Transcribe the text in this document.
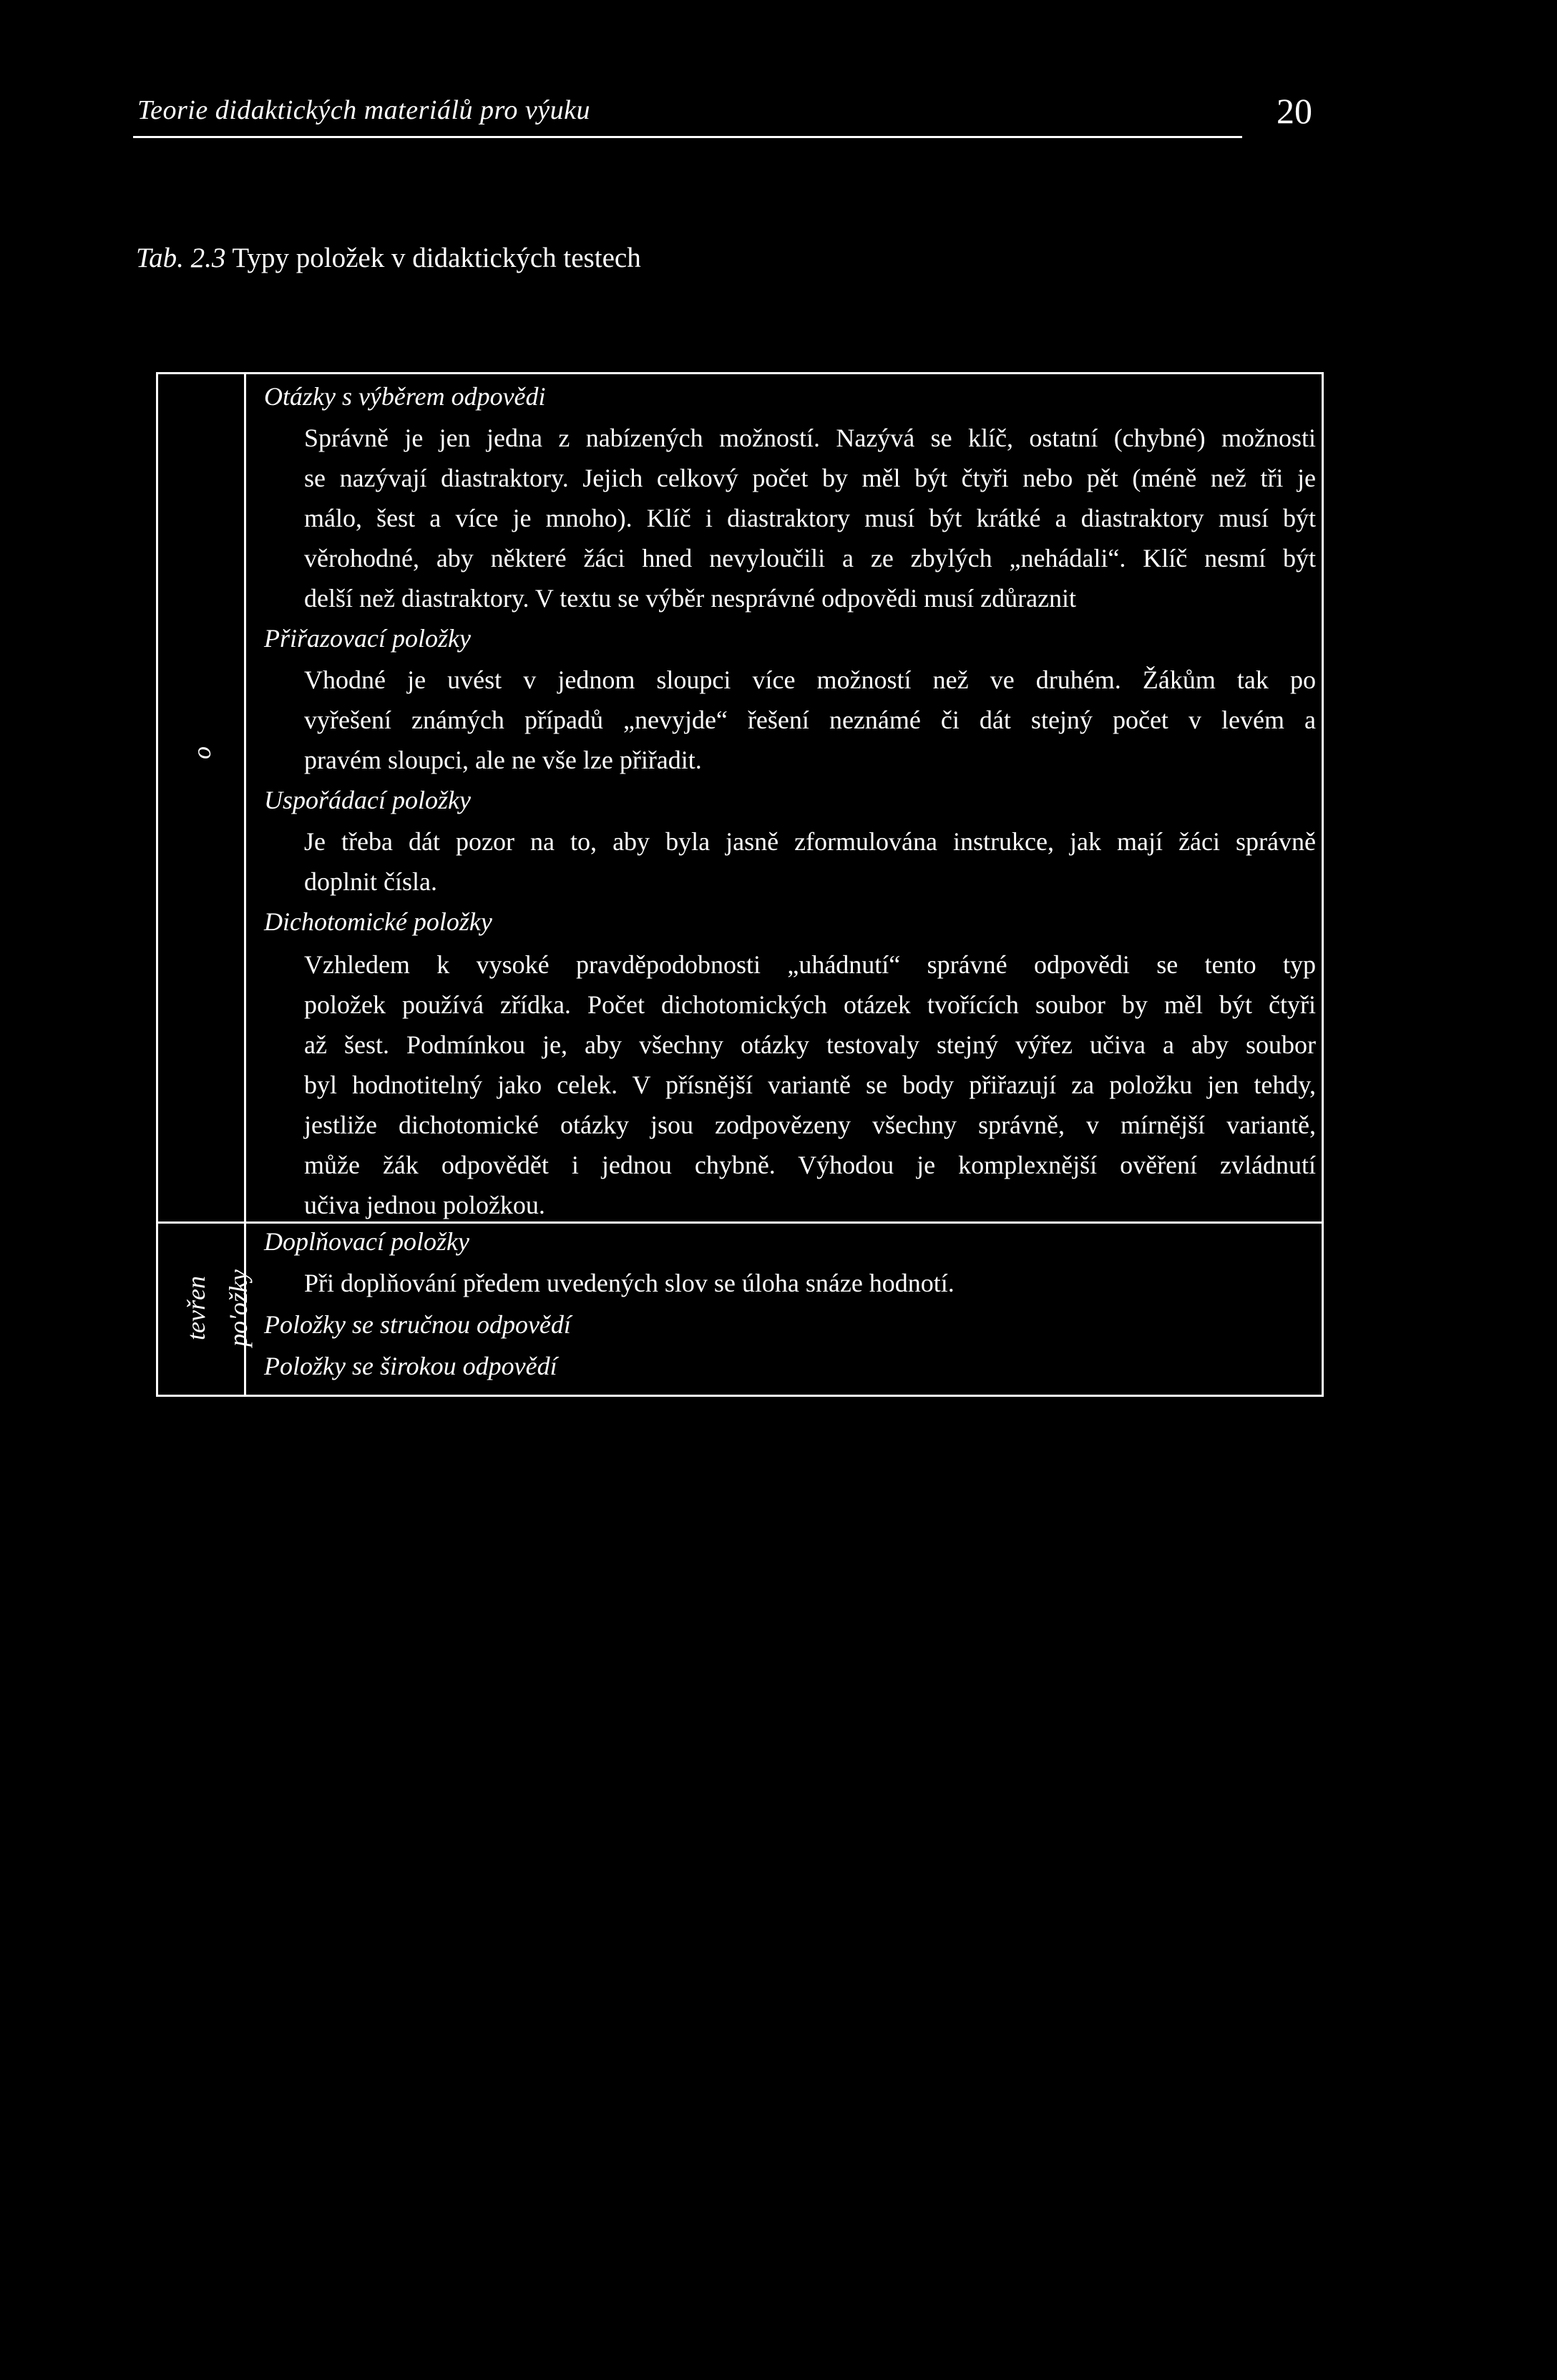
Teorie didaktických materiálů pro výuku	20
Tab. 2.3 Typy položek v didaktických testech
o
tevřen po'ožky
Otázky s výběrem odpovědi
Správně je jen jedna z nabízených možností. Nazývá se klíč, ostatní (chybné) možnosti
se nazývají diastraktory. Jejich celkový počet by měl být čtyři nebo pět (méně než tři je
málo, šest a více je mnoho). Klíč i diastraktory musí být krátké a diastraktory musí být
věrohodné, aby některé žáci hned nevyloučili a ze zbylých „nehádali“. Klíč nesmí být
delší než diastraktory. V textu se výběr nesprávné odpovědi musí zdůraznit
Přiřazovací položky
Vhodné je uvést v jednom sloupci více možností než ve druhém. Žákům tak po
vyřešení známých případů „nevyjde“ řešení neznámé či dát stejný počet v levém a
pravém sloupci, ale ne vše lze přiřadit.
Uspořádací položky
Je třeba dát pozor na to, aby byla jasně zformulována instrukce, jak mají žáci správně
doplnit čísla.
Dichotomické položky
Vzhledem k vysoké pravděpodobnosti „uhádnutí“ správné odpovědi se tento typ
položek používá zřídka. Počet dichotomických otázek tvořících soubor by měl být čtyři
až šest. Podmínkou je, aby všechny otázky testovaly stejný výřez učiva a aby soubor
byl hodnotitelný jako celek. V přísnější variantě se body přiřazují za položku jen tehdy,
jestliže dichotomické otázky jsou zodpovězeny všechny správně, v mírnější variantě,
může žák odpovědět i jednou chybně. Výhodou je komplexnější ověření zvládnutí
učiva jednou položkou.
Doplňovací položky
Při doplňování předem uvedených slov se úloha snáze hodnotí.
Položky se stručnou odpovědí
Položky se širokou odpovědí
